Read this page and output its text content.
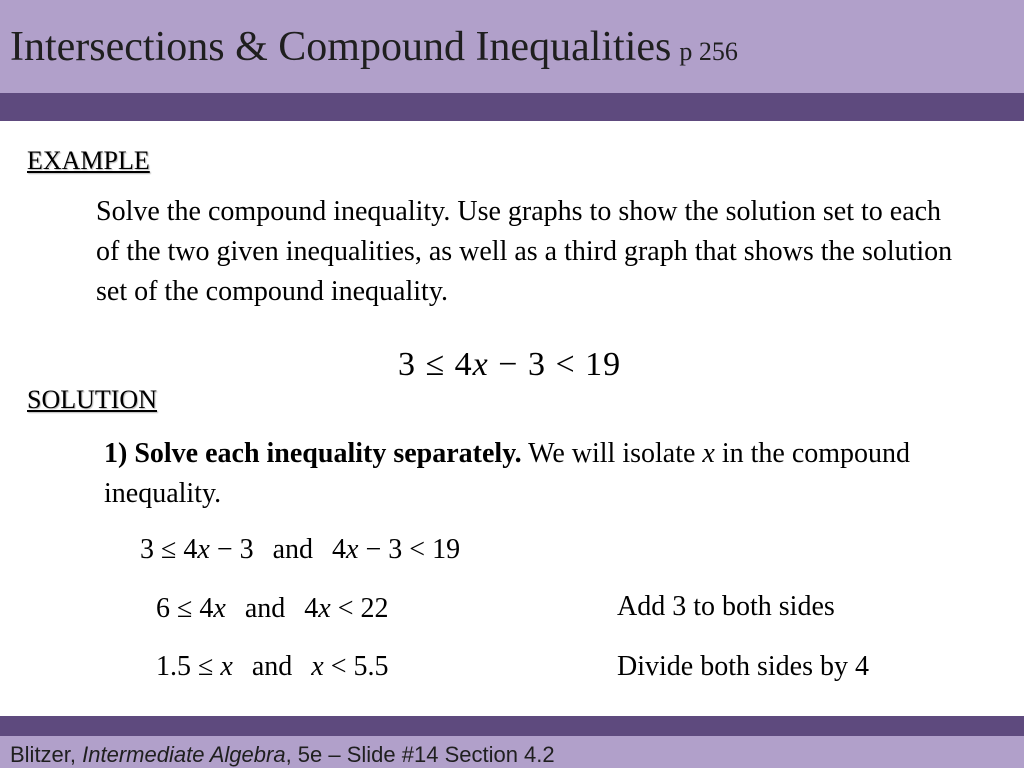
Intersections & Compound Inequalities p 256
EXAMPLE

Solve the compound inequality. Use graphs to show the solution set to each of the two given inequalities, as well as a third graph that shows the solution set of the compound inequality.

3 ≤ 4x − 3 < 19
SOLUTION

1) Solve each inequality separately. We will isolate x in the compound inequality.

3 ≤ 4x − 3 and 4x − 3 < 19
6 ≤ 4x and 4x < 22	Add 3 to both sides
1.5 ≤ x and x < 5.5	Divide both sides by 4
Blitzer, Intermediate Algebra, 5e – Slide #14 Section 4.2
